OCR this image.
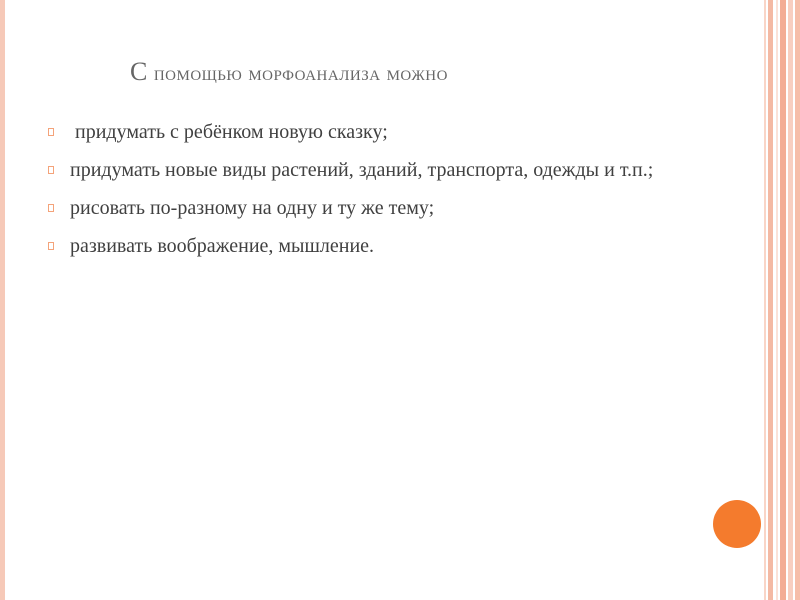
С помощью морфоанализа можно
придумать с ребёнком новую сказку;
придумать новые виды растений, зданий, транспорта, одежды и т.п.;
рисовать по-разному на одну и ту же тему;
развивать воображение, мышление.
